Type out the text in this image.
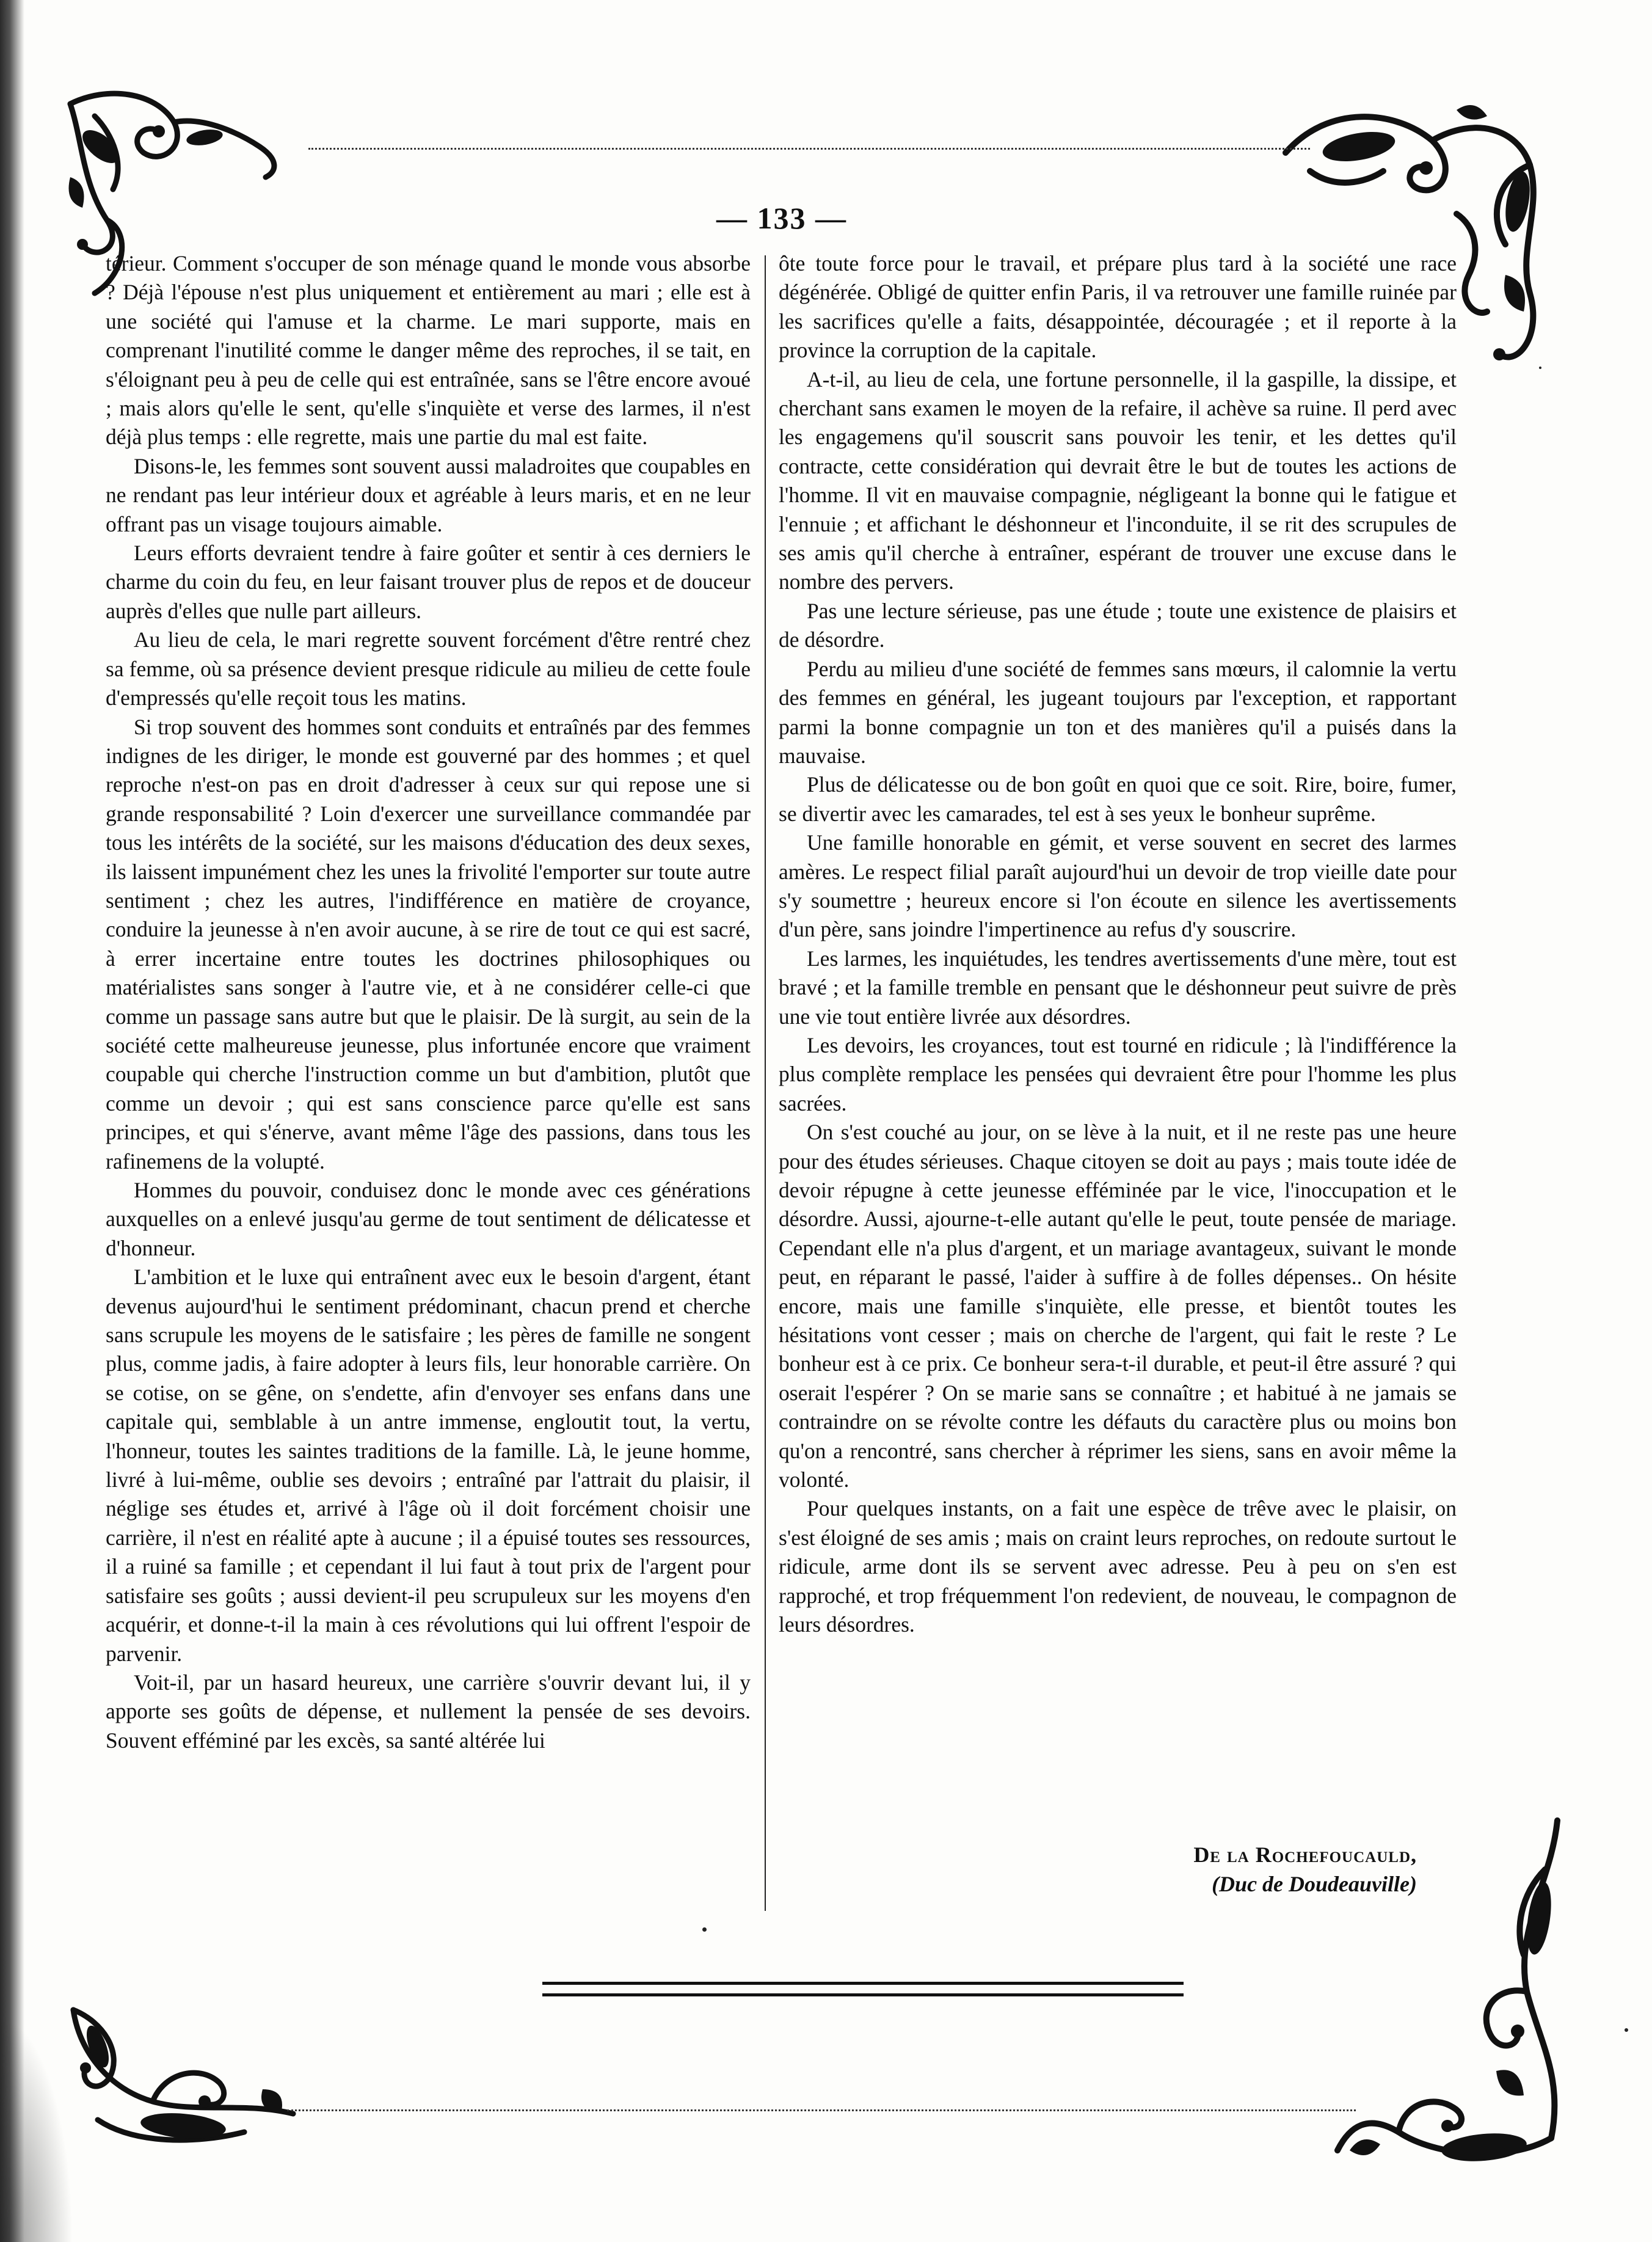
— 133 —

térieur. Comment s'occuper de son ménage quand le monde vous absorbe ? Déjà l'épouse n'est plus uniquement et entièrement au mari ; elle est à une société qui l'amuse et la charme. Le mari supporte, mais en comprenant l'inutilité comme le danger même des reproches, il se tait, en s'éloignant peu à peu de celle qui est entraînée, sans se l'être encore avoué ; mais alors qu'elle le sent, qu'elle s'inquiète et verse des larmes, il n'est déjà plus temps : elle regrette, mais une partie du mal est faite.

Disons-le, les femmes sont souvent aussi maladroites que coupables en ne rendant pas leur intérieur doux et agréable à leurs maris, et en ne leur offrant pas un visage toujours aimable.

Leurs efforts devraient tendre à faire goûter et sentir à ces derniers le charme du coin du feu, en leur faisant trouver plus de repos et de douceur auprès d'elles que nulle part ailleurs.

Au lieu de cela, le mari regrette souvent forcément d'être rentré chez sa femme, où sa présence devient presque ridicule au milieu de cette foule d'empressés qu'elle reçoit tous les matins.

Si trop souvent des hommes sont conduits et entraînés par des femmes indignes de les diriger, le monde est gouverné par des hommes ; et quel reproche n'est-on pas en droit d'adresser à ceux sur qui repose une si grande responsabilité ? Loin d'exercer une surveillance commandée par tous les intérêts de la société, sur les maisons d'éducation des deux sexes, ils laissent impunément chez les unes la frivolité l'emporter sur toute autre sentiment ; chez les autres, l'indifférence en matière de croyance, conduire la jeunesse à n'en avoir aucune, à se rire de tout ce qui est sacré, à errer incertaine entre toutes les doctrines philosophiques ou matérialistes sans songer à l'autre vie, et à ne considérer celle-ci que comme un passage sans autre but que le plaisir. De là surgit, au sein de la société cette malheureuse jeunesse, plus infortunée encore que vraiment coupable qui cherche l'instruction comme un but d'ambition, plutôt que comme un devoir ; qui est sans conscience parce qu'elle est sans principes, et qui s'énerve, avant même l'âge des passions, dans tous les rafinemens de la volupté.

Hommes du pouvoir, conduisez donc le monde avec ces générations auxquelles on a enlevé jusqu'au germe de tout sentiment de délicatesse et d'honneur.

L'ambition et le luxe qui entraînent avec eux le besoin d'argent, étant devenus aujourd'hui le sentiment prédominant, chacun prend et cherche sans scrupule les moyens de le satisfaire ; les pères de famille ne songent plus, comme jadis, à faire adopter à leurs fils, leur honorable carrière. On se cotise, on se gêne, on s'endette, afin d'envoyer ses enfans dans une capitale qui, semblable à un antre immense, engloutit tout, la vertu, l'honneur, toutes les saintes traditions de la famille. Là, le jeune homme, livré à lui-même, oublie ses devoirs ; entraîné par l'attrait du plaisir, il néglige ses études et, arrivé à l'âge où il doit forcément choisir une carrière, il n'est en réalité apte à aucune ; il a épuisé toutes ses ressources, il a ruiné sa famille ; et cependant il lui faut à tout prix de l'argent pour satisfaire ses goûts ; aussi devient-il peu scrupuleux sur les moyens d'en acquérir, et donne-t-il la main à ces révolutions qui lui offrent l'espoir de parvenir.

Voit-il, par un hasard heureux, une carrière s'ouvrir devant lui, il y apporte ses goûts de dépense, et nullement la pensée de ses devoirs. Souvent efféminé par les excès, sa santé altérée lui

ôte toute force pour le travail, et prépare plus tard à la société une race dégénérée. Obligé de quitter enfin Paris, il va retrouver une famille ruinée par les sacrifices qu'elle a faits, désappointée, découragée ; et il reporte à la province la corruption de la capitale.

A-t-il, au lieu de cela, une fortune personnelle, il la gaspille, la dissipe, et cherchant sans examen le moyen de la refaire, il achève sa ruine. Il perd avec les engagemens qu'il souscrit sans pouvoir les tenir, et les dettes qu'il contracte, cette considération qui devrait être le but de toutes les actions de l'homme. Il vit en mauvaise compagnie, négligeant la bonne qui le fatigue et l'ennuie ; et affichant le déshonneur et l'inconduite, il se rit des scrupules de ses amis qu'il cherche à entraîner, espérant de trouver une excuse dans le nombre des pervers.

Pas une lecture sérieuse, pas une étude ; toute une existence de plaisirs et de désordre.

Perdu au milieu d'une société de femmes sans mœurs, il calomnie la vertu des femmes en général, les jugeant toujours par l'exception, et rapportant parmi la bonne compagnie un ton et des manières qu'il a puisés dans la mauvaise.

Plus de délicatesse ou de bon goût en quoi que ce soit. Rire, boire, fumer, se divertir avec les camarades, tel est à ses yeux le bonheur suprême.

Une famille honorable en gémit, et verse souvent en secret des larmes amères. Le respect filial paraît aujourd'hui un devoir de trop vieille date pour s'y soumettre ; heureux encore si l'on écoute en silence les avertissements d'un père, sans joindre l'impertinence au refus d'y souscrire.

Les larmes, les inquiétudes, les tendres avertissements d'une mère, tout est bravé ; et la famille tremble en pensant que le déshonneur peut suivre de près une vie tout entière livrée aux désordres.

Les devoirs, les croyances, tout est tourné en ridicule ; là l'indifférence la plus complète remplace les pensées qui devraient être pour l'homme les plus sacrées.

On s'est couché au jour, on se lève à la nuit, et il ne reste pas une heure pour des études sérieuses. Chaque citoyen se doit au pays ; mais toute idée de devoir répugne à cette jeunesse efféminée par le vice, l'inoccupation et le désordre. Aussi, ajourne-t-elle autant qu'elle le peut, toute pensée de mariage. Cependant elle n'a plus d'argent, et un mariage avantageux, suivant le monde peut, en réparant le passé, l'aider à suffire à de folles dépenses.. On hésite encore, mais une famille s'inquiète, elle presse, et bientôt toutes les hésitations vont cesser ; mais on cherche de l'argent, qui fait le reste ? Le bonheur est à ce prix. Ce bonheur sera-t-il durable, et peut-il être assuré ? qui oserait l'espérer ? On se marie sans se connaître ; et habitué à ne jamais se contraindre on se révolte contre les défauts du caractère plus ou moins bon qu'on a rencontré, sans chercher à réprimer les siens, sans en avoir même la volonté.

Pour quelques instants, on a fait une espèce de trêve avec le plaisir, on s'est éloigné de ses amis ; mais on craint leurs reproches, on redoute surtout le ridicule, arme dont ils se servent avec adresse. Peu à peu on s'en est rapproché, et trop fréquemment l'on redevient, de nouveau, le compagnon de leurs désordres.

De la Rochefoucauld,
(Duc de Doudeauville)
